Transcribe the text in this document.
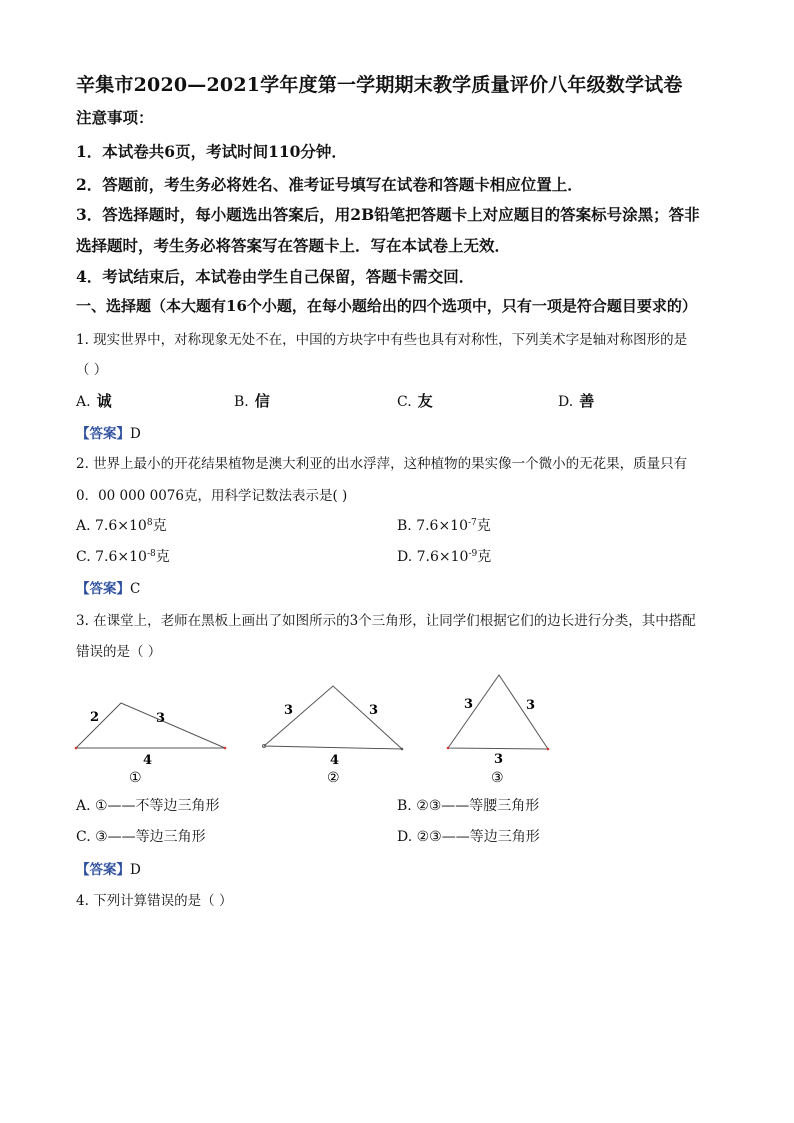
辛集市2020—2021学年度第一学期期末教学质量评价八年级数学试卷
注意事项：
1．本试卷共6页，考试时间110分钟．
2．答题前，考生务必将姓名、准考证号填写在试卷和答题卡相应位置上．
3．答选择题时，每小题选出答案后，用2B铅笔把答题卡上对应题目的答案标号涂黑；答非
选择题时，考生务必将答案写在答题卡上．写在本试卷上无效．
4．考试结束后，本试卷由学生自己保留，答题卡需交回．
一、选择题（本大题有16个小题，在每小题给出的四个选项中，只有一项是符合题目要求的）
1. 现实世界中，对称现象无处不在，中国的方块字中有些也具有对称性，下列美术字是轴对称图形的是
（ ）
A. 诚	B. 信	C. 友	D. 善
【答案】D
2. 世界上最小的开花结果植物是澳大利亚的出水浮萍，这种植物的果实像一个微小的无花果，质量只有
0．00 000 0076克，用科学记数法表示是( )
A. $7.6\times 10^8$克	B. $7.6\times 10^{-7}$克
C. $7.6\times 10^{-8}$克	D. $7.6\times 10^{-9}$克
【答案】C
3. 在课堂上，老师在黑板上画出了如图所示的3个三角形，让同学们根据它们的边长进行分类，其中搭配
错误的是（ ）
2	3
4
①
3	3
4
②
3	3
3
③
A. ①——不等边三角形	B. ②③——等腰三角形
C. ③——等边三角形	D. ②③——等边三角形
【答案】D
4. 下列计算错误的是（ ）
